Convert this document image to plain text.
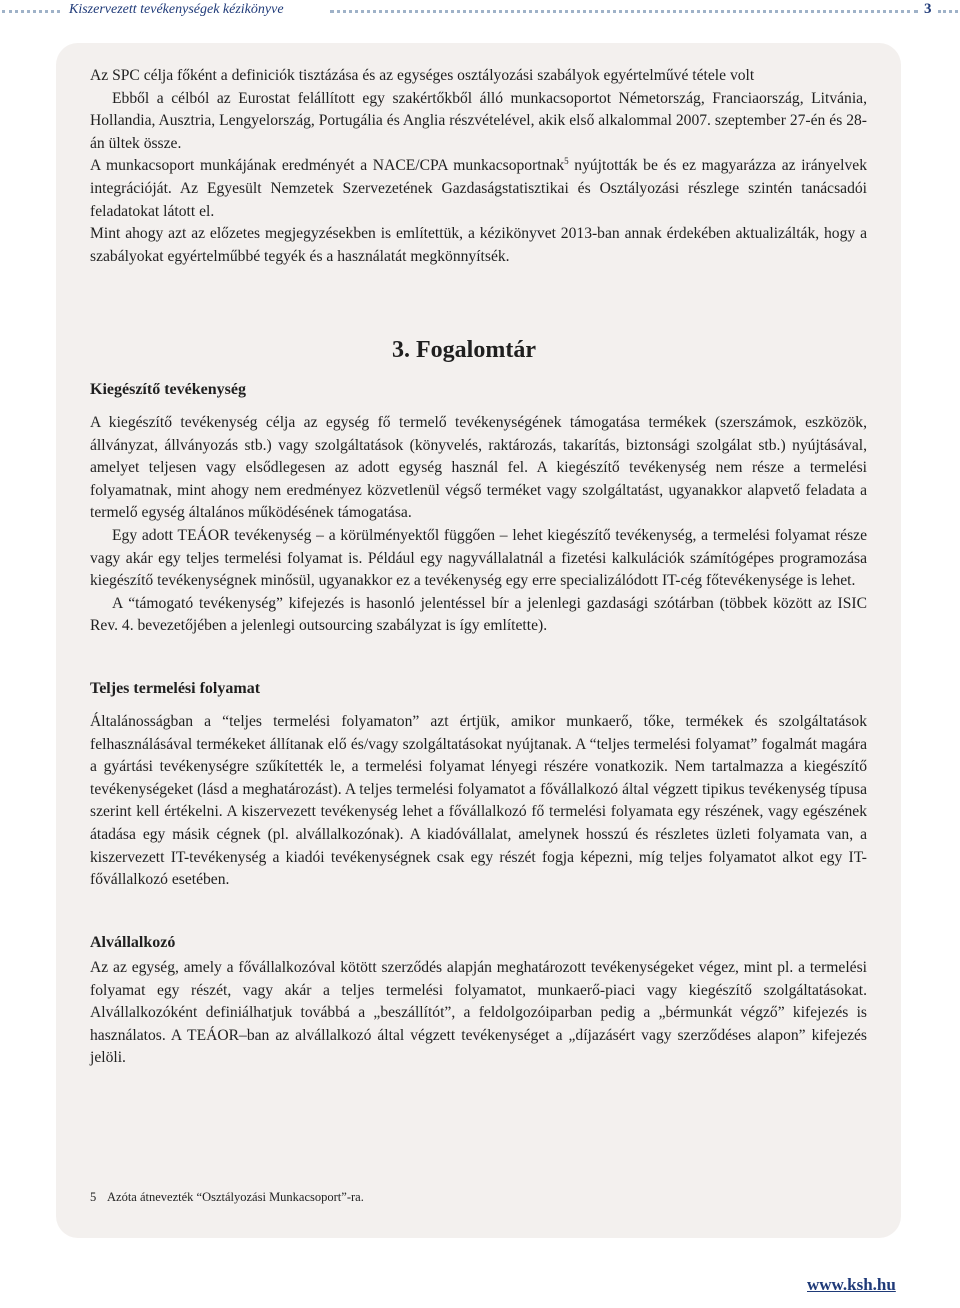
Kiszervezett tevékenységek kézikönyve	3

Az SPC célja főként a definiciók tisztázása és az egységes osztályozási szabályok egyértelművé tétele volt

Ebből a célból az Eurostat felállított egy szakértőkből álló munkacsoportot Németország, Franciaország, Litvánia, Hollandia, Ausztria, Lengyelország, Portugália és Anglia részvételével, akik első alkalommal 2007. szeptember 27-én és 28-án ültek össze.

A munkacsoport munkájának eredményét a NACE/CPA munkacsoportnak$^5$ nyújtották be és ez magyarázza az irányelvek integrációját. Az Egyesült Nemzetek Szervezetének Gazdaságstatisztikai és Osztályozási részlege szintén tanácsadói feladatokat látott el.

Mint ahogy azt az előzetes megjegyzésekben is említettük, a kézikönyvet 2013-ban annak érdekében aktualizálták, hogy a szabályokat egyértelműbbé tegyék és a használatát megkönnyítsék.

3. Fogalomtár
Kiegészítő tevékenység

A kiegészítő tevékenység célja az egység fő termelő tevékenységének támogatása termékek (szerszámok, eszközök, állványzat, állványozás stb.) vagy szolgáltatások (könyvelés, raktározás, takarítás, biztonsági szolgálat stb.) nyújtásával, amelyet teljesen vagy elsődlegesen az adott egység használ fel. A kiegészítő tevékenység nem része a termelési folyamatnak, mint ahogy nem eredményez közvetlenül végső terméket vagy szolgáltatást, ugyanakkor alapvető feladata a termelő egység általános működésének támogatása.

Egy adott TEÁOR tevékenység – a körülményektől függően – lehet kiegészítő tevékenység, a termelési folyamat része vagy akár egy teljes termelési folyamat is. Például egy nagyvállalatnál a fizetési kalkulációk számítógépes programozása kiegészítő tevékenységnek minősül, ugyanakkor ez a tevékenység egy erre specializálódott IT-cég főtevékenysége is lehet.

A “támogató tevékenység” kifejezés is hasonló jelentéssel bír a jelenlegi gazdasági szótárban (többek között az ISIC Rev. 4. bevezetőjében a jelenlegi outsourcing szabályzat is így említette).

Teljes termelési folyamat

Általánosságban a “teljes termelési folyamaton” azt értjük, amikor munkaerő, tőke, termékek és szolgáltatások felhasználásával termékeket állítanak elő és/vagy szolgáltatásokat nyújtanak. A “teljes termelési folyamat” fogalmát magára a gyártási tevékenységre szűkítették le, a termelési folyamat lényegi részére vonatkozik. Nem tartalmazza a kiegészítő tevékenységeket (lásd a meghatározást). A teljes termelési folyamatot a fővállalkozó által végzett tipikus tevékenység típusa szerint kell értékelni. A kiszervezett tevékenység lehet a fővállalkozó fő termelési folyamata egy részének, vagy egészének átadása egy másik cégnek (pl. alvállalkozónak). A kiadóvállalat, amelynek hosszú és részletes üzleti folyamata van, a kiszervezett IT-tevékenység a kiadói tevékenységnek csak egy részét fogja képezni, míg teljes folyamatot alkot egy IT-fővállalkozó esetében.

Alvállalkozó

Az az egység, amely a fővállalkozóval kötött szerződés alapján meghatározott tevékenységeket végez, mint pl. a termelési folyamat egy részét, vagy akár a teljes termelési folyamatot, munkaerő-piaci vagy kiegészítő szolgáltatásokat. Alvállalkozóként definiálhatjuk továbbá a „beszállítót”, a feldolgozóiparban pedig a „bérmunkát végző” kifejezés is használatos. A TEÁOR–ban az alvállalkozó által végzett tevékenységet a „díjazásért vagy szerződéses alapon” kifejezés jelöli.

5 Azóta átnevezték “Osztályozási Munkacsoport”-ra.
www.ksh.hu
